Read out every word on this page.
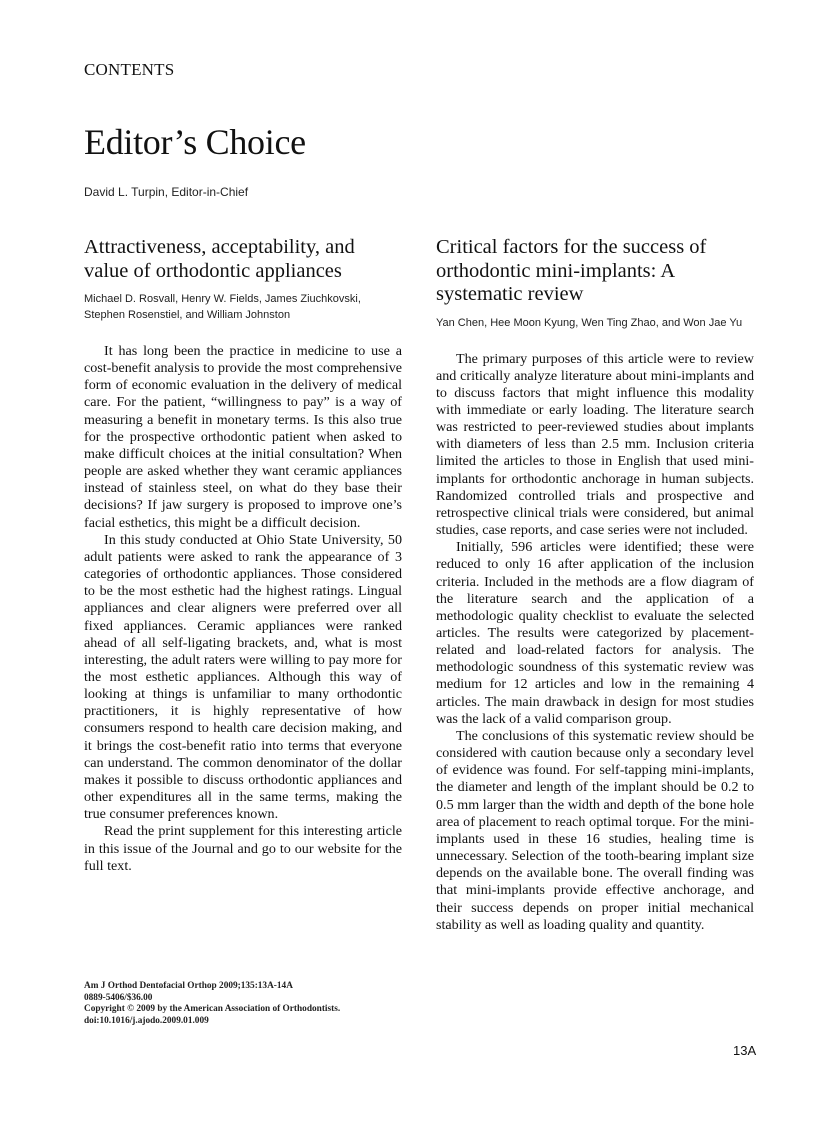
CONTENTS
Editor’s Choice
David L. Turpin, Editor-in-Chief
Attractiveness, acceptability, and value of orthodontic appliances
Michael D. Rosvall, Henry W. Fields, James Ziuchkovski, Stephen Rosenstiel, and William Johnston

It has long been the practice in medicine to use a cost-benefit analysis to provide the most comprehensive form of economic evaluation in the delivery of medical care. For the patient, “willingness to pay” is a way of measuring a benefit in monetary terms. Is this also true for the prospective orthodontic patient when asked to make difficult choices at the initial consultation? When people are asked whether they want ceramic appliances instead of stainless steel, on what do they base their decisions? If jaw surgery is proposed to improve one’s facial esthetics, this might be a difficult decision.

In this study conducted at Ohio State University, 50 adult patients were asked to rank the appearance of 3 categories of orthodontic appliances. Those considered to be the most esthetic had the highest ratings. Lingual appliances and clear aligners were preferred over all fixed appliances. Ceramic appliances were ranked ahead of all self-ligating brackets, and, what is most interesting, the adult raters were willing to pay more for the most esthetic appliances. Although this way of looking at things is unfamiliar to many orthodontic practitioners, it is highly representative of how consumers respond to health care decision making, and it brings the cost-benefit ratio into terms that everyone can understand. The common denominator of the dollar makes it possible to discuss orthodontic appliances and other expenditures all in the same terms, making the true consumer preferences known.

Read the print supplement for this interesting article in this issue of the Journal and go to our website for the full text.

Critical factors for the success of orthodontic mini-implants: A systematic review
Yan Chen, Hee Moon Kyung, Wen Ting Zhao, and Won Jae Yu

The primary purposes of this article were to review and critically analyze literature about mini-implants and to discuss factors that might influence this modality with immediate or early loading. The literature search was restricted to peer-reviewed studies about implants with diameters of less than 2.5 mm. Inclusion criteria limited the articles to those in English that used mini-implants for orthodontic anchorage in human subjects. Randomized controlled trials and prospective and retrospective clinical trials were considered, but animal studies, case reports, and case series were not included.

Initially, 596 articles were identified; these were reduced to only 16 after application of the inclusion criteria. Included in the methods are a flow diagram of the literature search and the application of a methodologic quality checklist to evaluate the selected articles. The results were categorized by placement-related and load-related factors for analysis. The methodologic soundness of this systematic review was medium for 12 articles and low in the remaining 4 articles. The main drawback in design for most studies was the lack of a valid comparison group.

The conclusions of this systematic review should be considered with caution because only a secondary level of evidence was found. For self-tapping mini-implants, the diameter and length of the implant should be 0.2 to 0.5 mm larger than the width and depth of the bone hole area of placement to reach optimal torque. For the mini-implants used in these 16 studies, healing time is unnecessary. Selection of the tooth-bearing implant size depends on the available bone. The overall finding was that mini-implants provide effective anchorage, and their success depends on proper initial mechanical stability as well as loading quality and quantity.

Am J Orthod Dentofacial Orthop 2009;135:13A-14A
0889-5406/$36.00
Copyright © 2009 by the American Association of Orthodontists.
doi:10.1016/j.ajodo.2009.01.009
13A
